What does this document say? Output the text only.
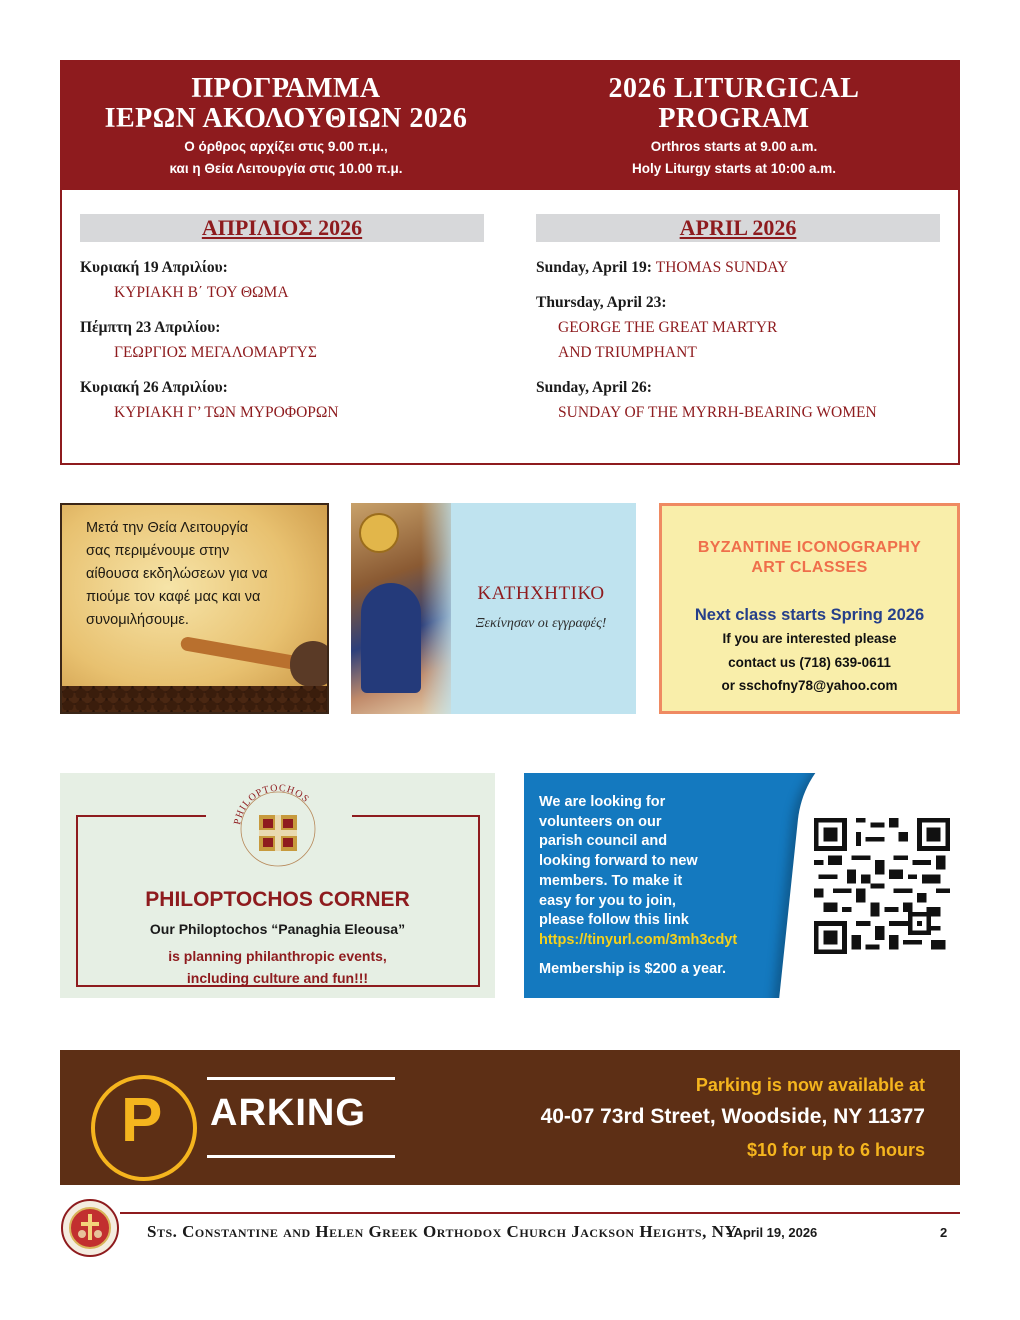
ΠΡΟΓΡΑΜΜΑ
ΙΕΡΩΝ ΑΚΟΛΟΥΘΙΩΝ 2026
Ο όρθρος αρχίζει στις 9.00 π.μ.,
και η Θεία Λειτουργία στις 10.00 π.μ.
2026 LITURGICAL
PROGRAM
Orthros starts at 9.00 a.m.
Holy Liturgy starts at 10:00 a.m.
ΑΠΡΙΛΙΟΣ 2026
Κυριακή 19 Απριλίου:
ΚΥΡΙΑΚΗ Β΄ ΤΟΥ ΘΩΜΑ
Πέμπτη 23 Απριλίου:
ΓΕΩΡΓΙΟΣ ΜΕΓΑΛΟΜΑΡΤΥΣ
Κυριακή 26 Απριλίου:
ΚΥΡΙΑΚΗ Γ’ ΤΩΝ ΜΥΡΟΦΟΡΩΝ
APRIL 2026
Sunday, April 19: THOMAS SUNDAY
Thursday, April 23:
GEORGE THE GREAT MARTYR
AND TRIUMPHANT
Sunday, April 26:
SUNDAY OF THE MYRRH-BEARING WOMEN
Μετά την Θεία Λειτουργία
σας περιμένουμε στην
αίθουσα εκδηλώσεων για να
πιούμε τον καφέ μας και να
συνομιλήσουμε.
ΚΑΤΗΧΗΤΙΚΟ
Ξεκίνησαν οι εγγραφές!
BYZANTINE ICONOGRAPHY
ART CLASSES
Next class starts Spring 2026
If you are interested please
contact us (718) 639-0611
or sschofny78@yahoo.com
PHILOPTOCHOS
PHILOPTOCHOS CORNER
Our Philoptochos “Panaghia Eleousa”
is planning philanthropic events,
including culture and fun!!!
We are looking for
volunteers on our
parish council and
looking forward to new
members. To make it
easy for you to join,
please follow this link
https://tinyurl.com/3mh3cdyt
Membership is $200 a year.
P ARKING
Parking is now available at
40-07 73rd Street, Woodside, NY 11377
$10 for up to 6 hours
Sts. Constantine and Helen Greek Orthodox Church Jackson Heights, NY
- April 19, 2026	2
